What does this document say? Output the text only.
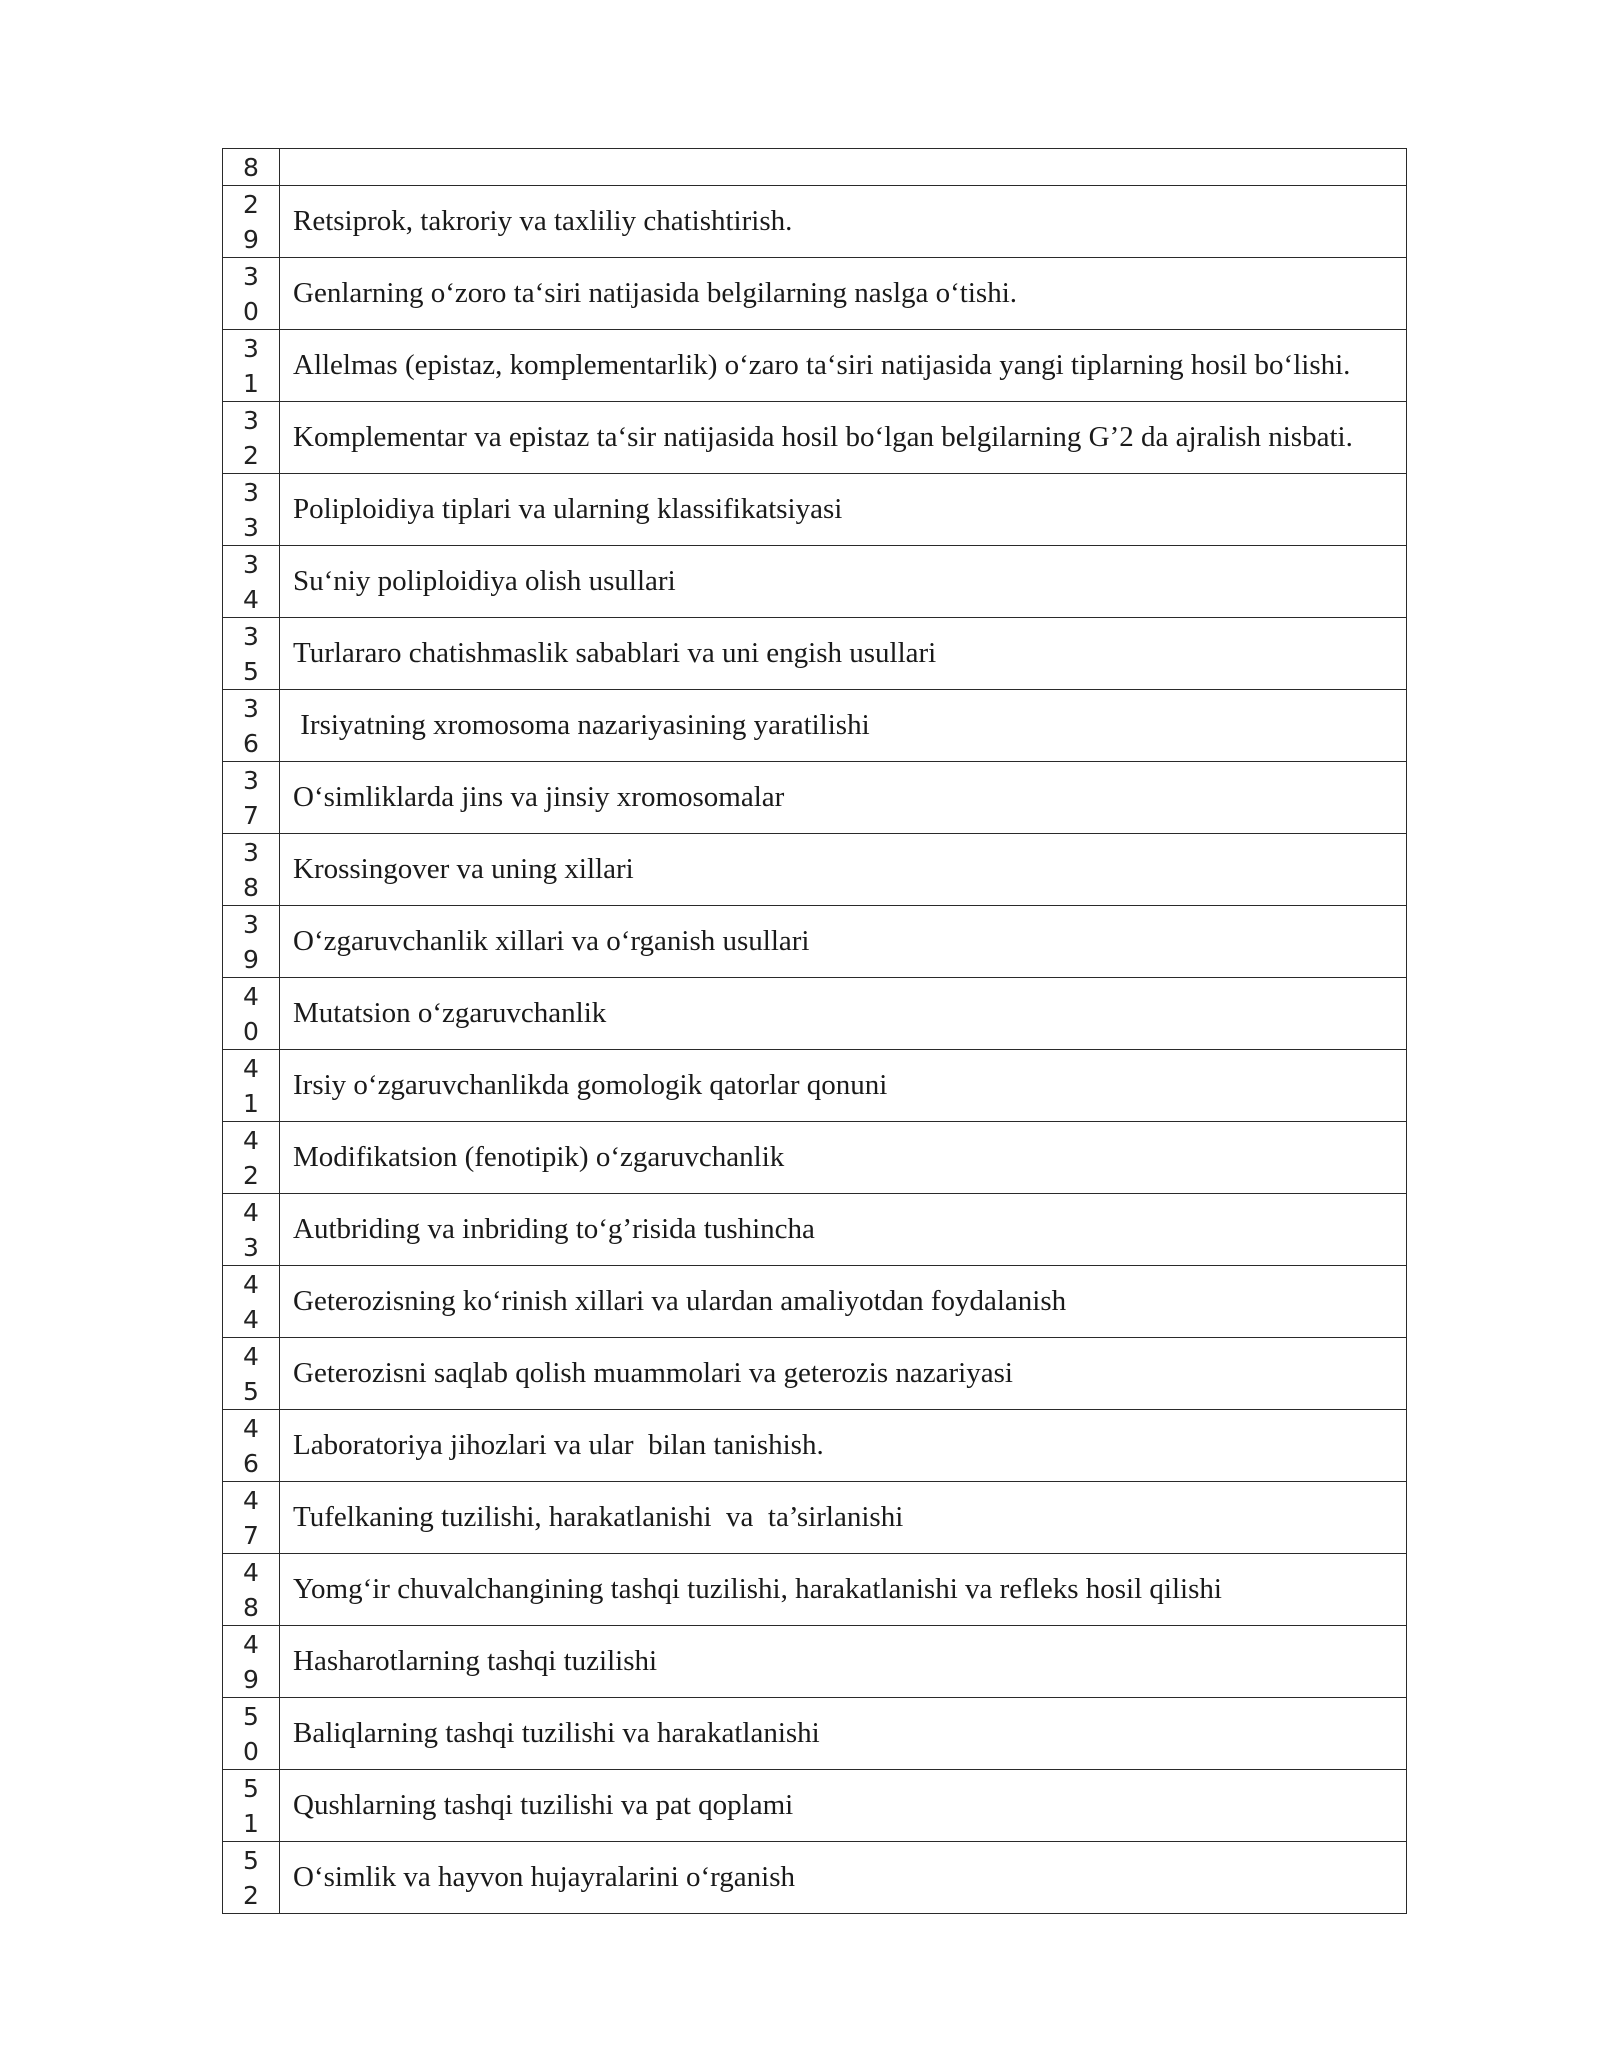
8	

2
9	Retsiprok, takroriy va taxliliy chatishtirish.

3
0	Genlarning o‘zoro ta‘siri natijasida belgilarning naslga o‘tishi.

3
1	Allelmas (epistaz, komplementarlik) o‘zaro ta‘siri natijasida yangi tiplarning hosil bo‘lishi.

3
2	Komplementar va epistaz ta‘sir natijasida hosil bo‘lgan belgilarning G’2 da ajralish nisbati.

3
3	Poliploidiya tiplari va ularning klassifikatsiyasi

3
4	Su‘niy poliploidiya olish usullari

3
5	Turlararo chatishmaslik sabablari va uni engish usullari

3
6	Irsiyatning xromosoma nazariyasining yaratilishi

3
7	O‘simliklarda jins va jinsiy xromosomalar

3
8	Krossingover va uning xillari

3
9	O‘zgaruvchanlik xillari va o‘rganish usullari

4
0	Mutatsion o‘zgaruvchanlik

4
1	Irsiy o‘zgaruvchanlikda gomologik qatorlar qonuni

4
2	Modifikatsion (fenotipik) o‘zgaruvchanlik

4
3	Autbriding va inbriding to‘g’risida tushincha

4
4	Geterozisning ko‘rinish xillari va ulardan amaliyotdan foydalanish

4
5	Geterozisni saqlab qolish muammolari va geterozis nazariyasi

4
6	Laboratoriya jihozlari va ular  bilan tanishish.

4
7	Tufelkaning tuzilishi, harakatlanishi  va  ta’sirlanishi

4
8	Yomg‘ir chuvalchangining tashqi tuzilishi, harakatlanishi va refleks hosil qilishi

4
9	Hasharotlarning tashqi tuzilishi

5
0	Baliqlarning tashqi tuzilishi va harakatlanishi

5
1	Qushlarning tashqi tuzilishi va pat qoplami

5
2	O‘simlik va hayvon hujayralarini o‘rganish
